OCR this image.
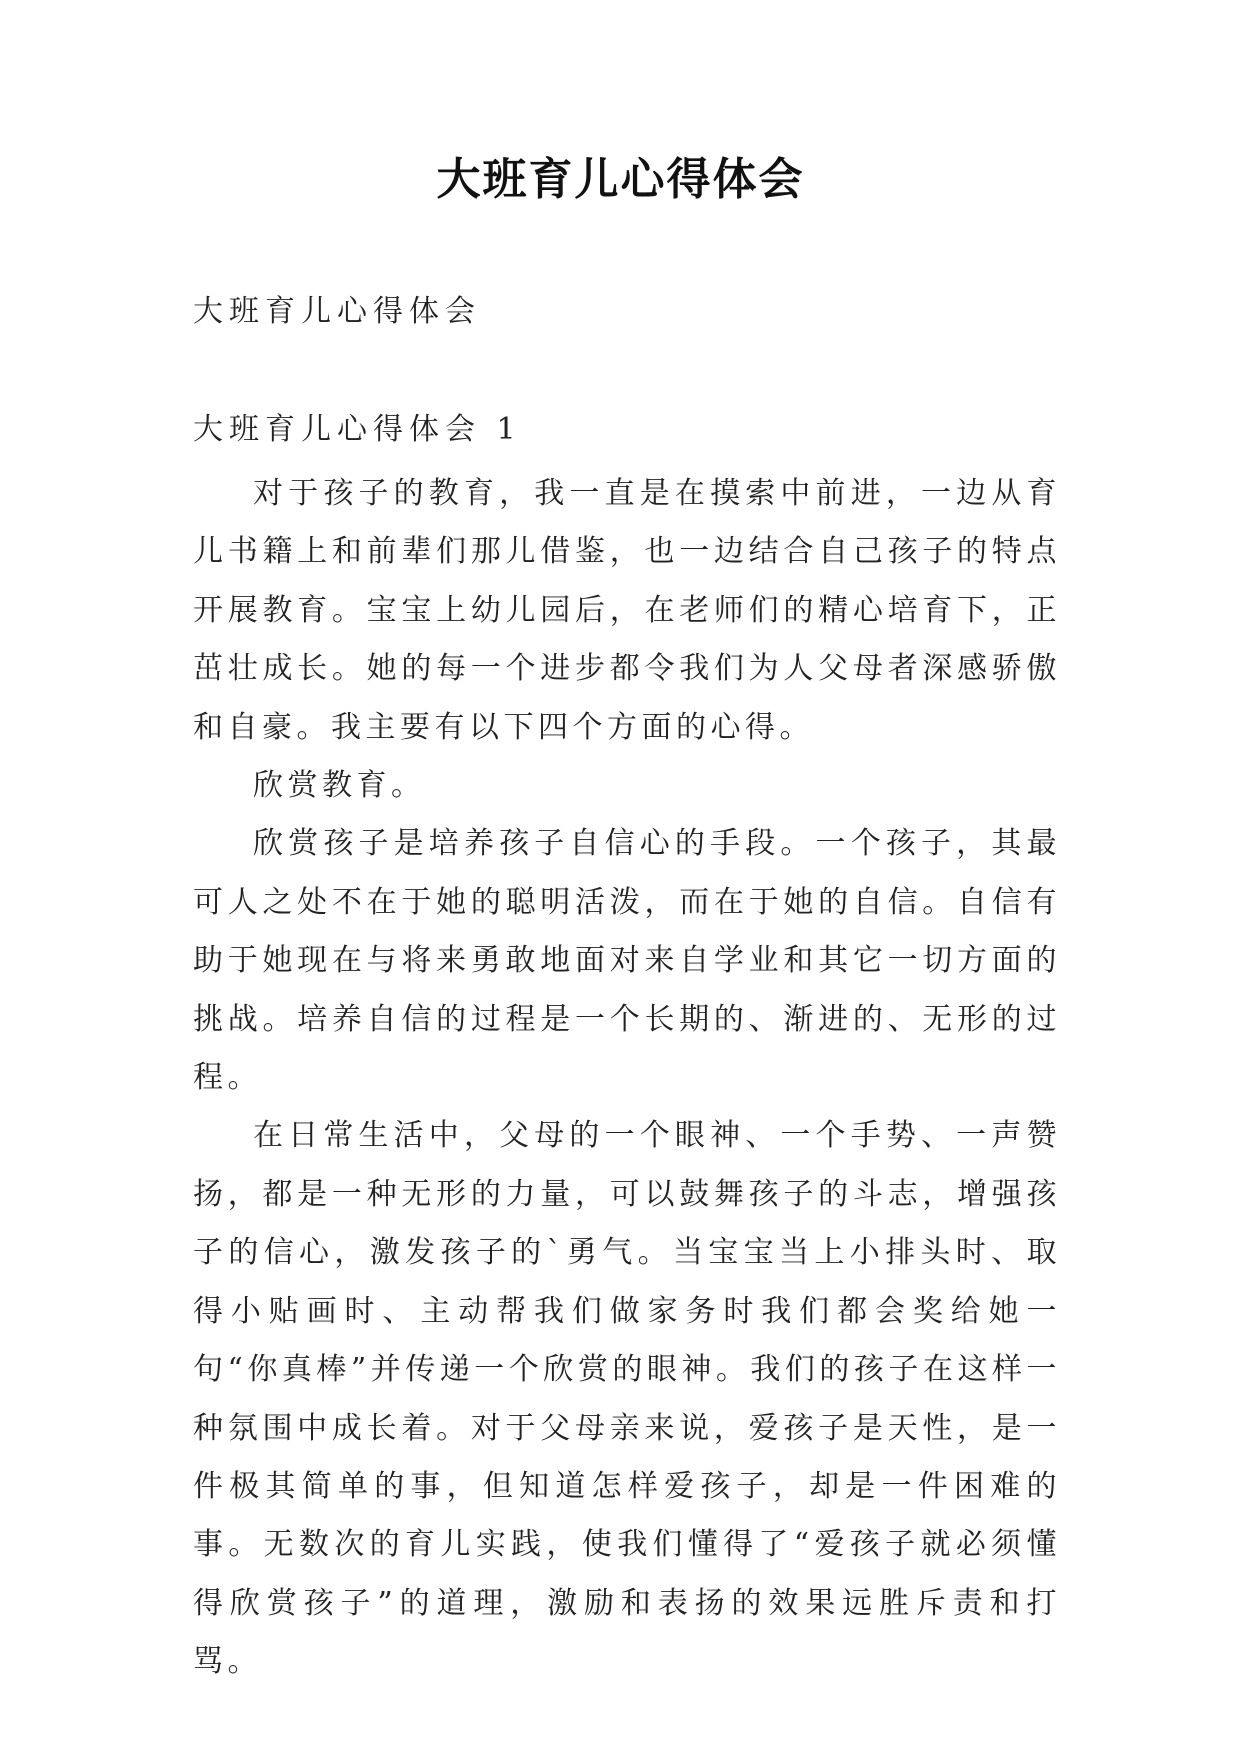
大班育儿心得体会

大班育儿心得体会

大班育儿心得体会 1

对于孩子的教育，我一直是在摸索中前进，一边从育儿书籍上和前辈们那儿借鉴，也一边结合自己孩子的特点开展教育。宝宝上幼儿园后，在老师们的精心培育下，正茁壮成长。她的每一个进步都令我们为人父母者深感骄傲和自豪。我主要有以下四个方面的心得。

欣赏教育。

欣赏孩子是培养孩子自信心的手段。一个孩子，其最可人之处不在于她的聪明活泼，而在于她的自信。自信有助于她现在与将来勇敢地面对来自学业和其它一切方面的挑战。培养自信的过程是一个长期的、渐进的、无形的过程。

在日常生活中，父母的一个眼神、一个手势、一声赞扬，都是一种无形的力量，可以鼓舞孩子的斗志，增强孩子的信心，激发孩子的`勇气。当宝宝当上小排头时、取得小贴画时、主动帮我们做家务时我们都会奖给她一句“你真棒”并传递一个欣赏的眼神。我们的孩子在这样一种氛围中成长着。对于父母亲来说，爱孩子是天性，是一件极其简单的事，但知道怎样爱孩子，却是一件困难的事。无数次的育儿实践，使我们懂得了“爱孩子就必须懂得欣赏孩子”的道理，激励和表扬的效果远胜斥责和打骂。
